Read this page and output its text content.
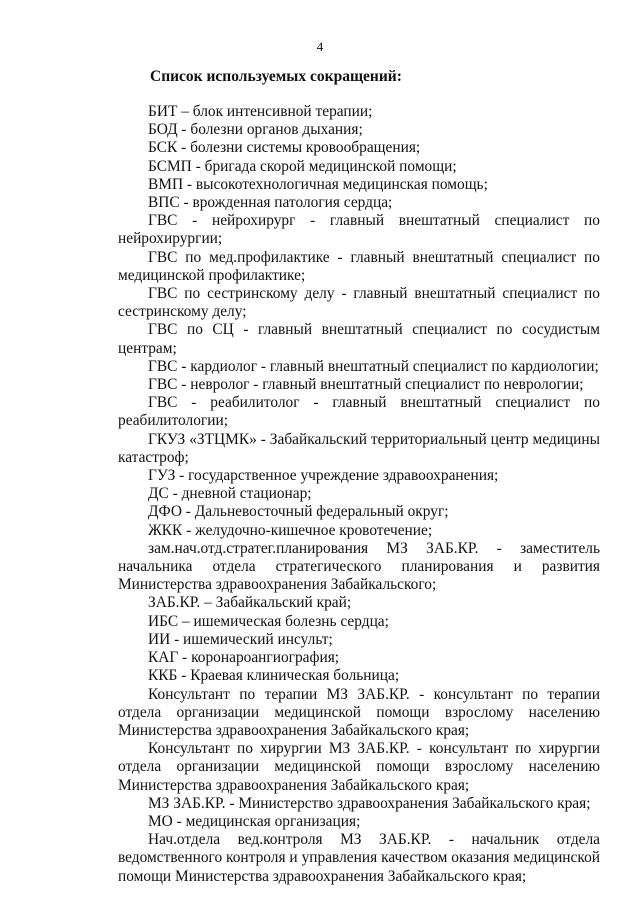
4
Список используемых сокращений:
БИТ – блок интенсивной терапии;
БОД - болезни органов дыхания;
БСК - болезни системы кровообращения;
БСМП - бригада скорой медицинской помощи;
ВМП - высокотехнологичная медицинская помощь;
ВПС - врожденная патология сердца;
ГВС - нейрохирург - главный внештатный специалист по нейрохирургии;
ГВС по мед.профилактике - главный внештатный специалист по медицинской профилактике;
ГВС по сестринскому делу - главный внештатный специалист по сестринскому делу;
ГВС по СЦ - главный внештатный специалист по сосудистым центрам;
ГВС - кардиолог - главный внештатный специалист по кардиологии;
ГВС - невролог - главный внештатный специалист по неврологии;
ГВС - реабилитолог - главный внештатный специалист по реабилитологии;
ГКУЗ «ЗТЦМК» - Забайкальский территориальный центр медицины катастроф;
ГУЗ - государственное учреждение здравоохранения;
ДС - дневной стационар;
ДФО - Дальневосточный федеральный округ;
ЖКК - желудочно-кишечное кровотечение;
зам.нач.отд.стратег.планирования МЗ ЗАБ.КР. - заместитель начальника отдела стратегического планирования и развития Министерства здравоохранения Забайкальского;
ЗАБ.КР. – Забайкальский край;
ИБС – ишемическая болезнь сердца;
ИИ - ишемический инсульт;
КАГ - коронароангиография;
ККБ - Краевая клиническая больница;
Консультант по терапии МЗ ЗАБ.КР. - консультант по терапии отдела организации медицинской помощи взрослому населению Министерства здравоохранения Забайкальского края;
Консультант по хирургии МЗ ЗАБ.КР. - консультант по хирургии отдела организации медицинской помощи взрослому населению Министерства здравоохранения Забайкальского края;
МЗ ЗАБ.КР. - Министерство здравоохранения Забайкальского края;
МО - медицинская организация;
Нач.отдела вед.контроля МЗ ЗАБ.КР. - начальник отдела ведомственного контроля и управления качеством оказания медицинской помощи Министерства здравоохранения Забайкальского края;
